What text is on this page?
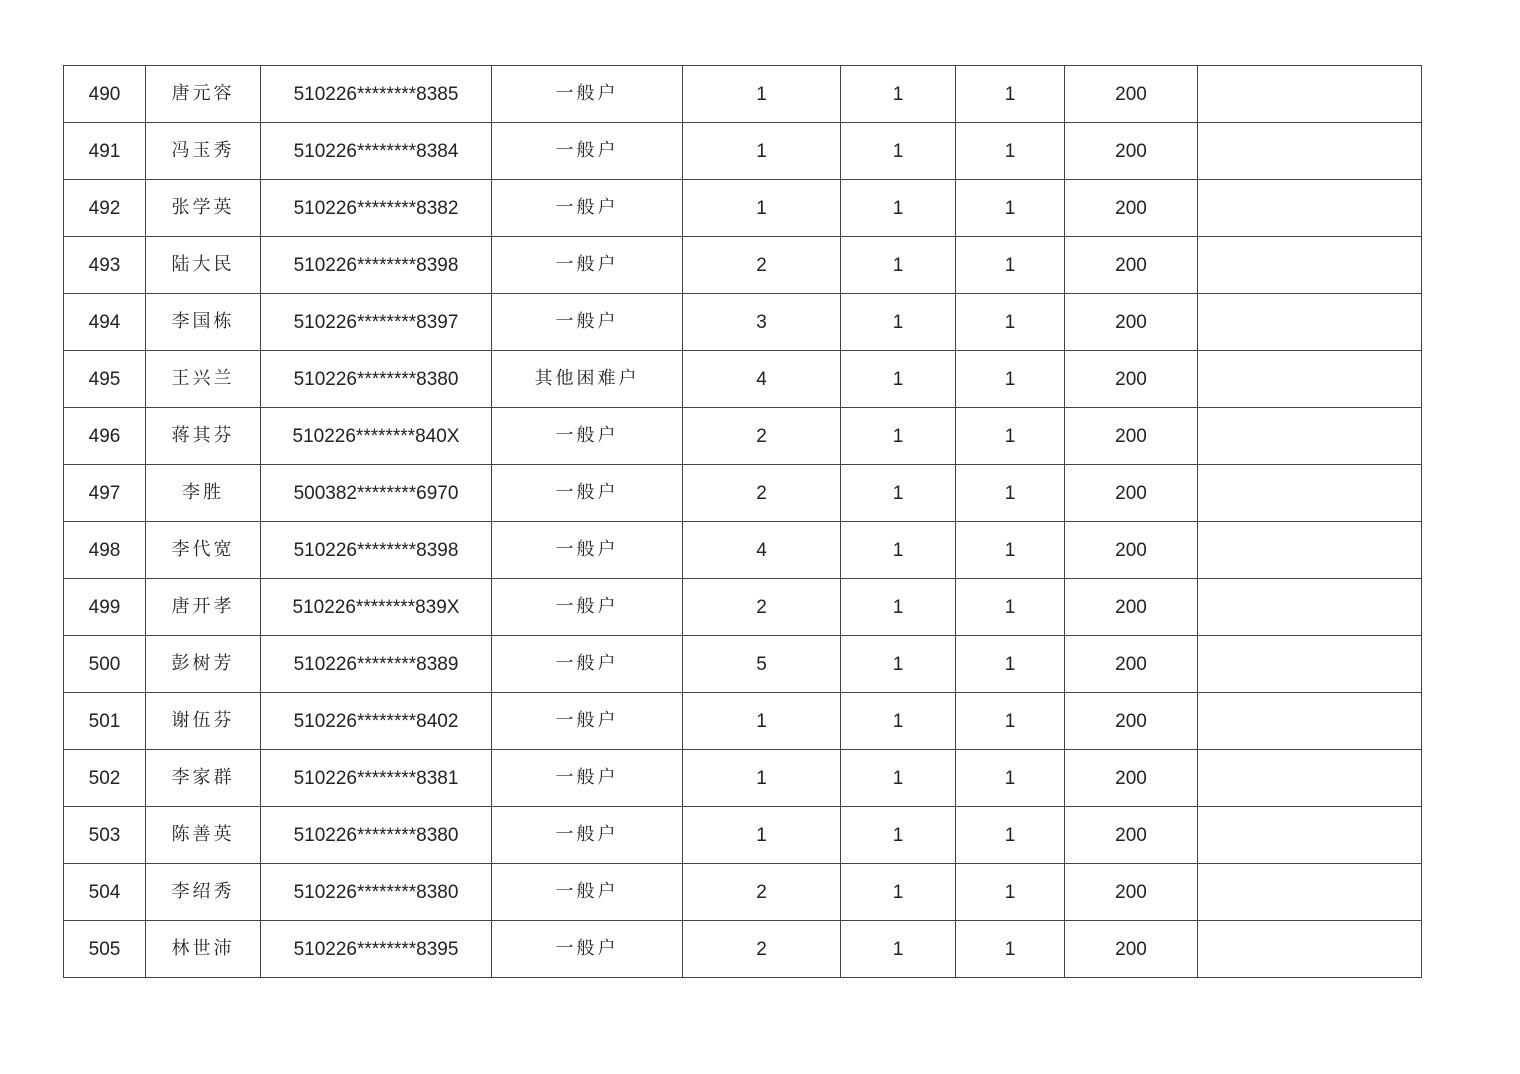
490	唐元容	510226********8385	一般户	1	1	1	200	
491	冯玉秀	510226********8384	一般户	1	1	1	200	
492	张学英	510226********8382	一般户	1	1	1	200	
493	陆大民	510226********8398	一般户	2	1	1	200	
494	李国栋	510226********8397	一般户	3	1	1	200	
495	王兴兰	510226********8380	其他困难户	4	1	1	200	
496	蒋其芬	510226********840X	一般户	2	1	1	200	
497	李胜	500382********6970	一般户	2	1	1	200	
498	李代宽	510226********8398	一般户	4	1	1	200	
499	唐开孝	510226********839X	一般户	2	1	1	200	
500	彭树芳	510226********8389	一般户	5	1	1	200	
501	谢伍芬	510226********8402	一般户	1	1	1	200	
502	李家群	510226********8381	一般户	1	1	1	200	
503	陈善英	510226********8380	一般户	1	1	1	200	
504	李绍秀	510226********8380	一般户	2	1	1	200	
505	林世沛	510226********8395	一般户	2	1	1	200	
